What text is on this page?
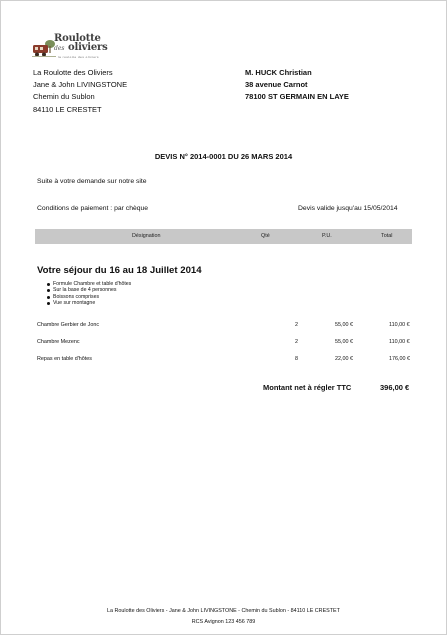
Roulotte
des oliviers
la roulotte des oliviers
La Roulotte des Oliviers
Jane & John LIVINGSTONE
Chemin du Sublon
84110 LE CRESTET
M. HUCK Christian
38 avenue Carnot
78100 ST GERMAIN EN LAYE
DEVIS N° 2014-0001 DU 26 MARS 2014
Suite à votre demande sur notre site
Conditions de paiement : par chèque	Devis valide jusqu'au 15/05/2014
Désignation	Qté	P.U.	Total
Votre séjour du 16 au 18 Juillet 2014
Formule Chambre et table d'hôtes
Sur la base de 4 personnes
Boissons comprises
Vue sur montagne
Chambre Gerbier de Jonc	2	55,00 €	110,00 €
Chambre Mezenc	2	55,00 €	110,00 €
Repas en table d'hôtes	8	22,00 €	176,00 €
Montant net à régler TTC	396,00 €
La Roulotte des Oliviers - Jane & John LIVINGSTONE - Chemin du Sublon - 84110 LE CRESTET
RCS Avignon 123 456 789
